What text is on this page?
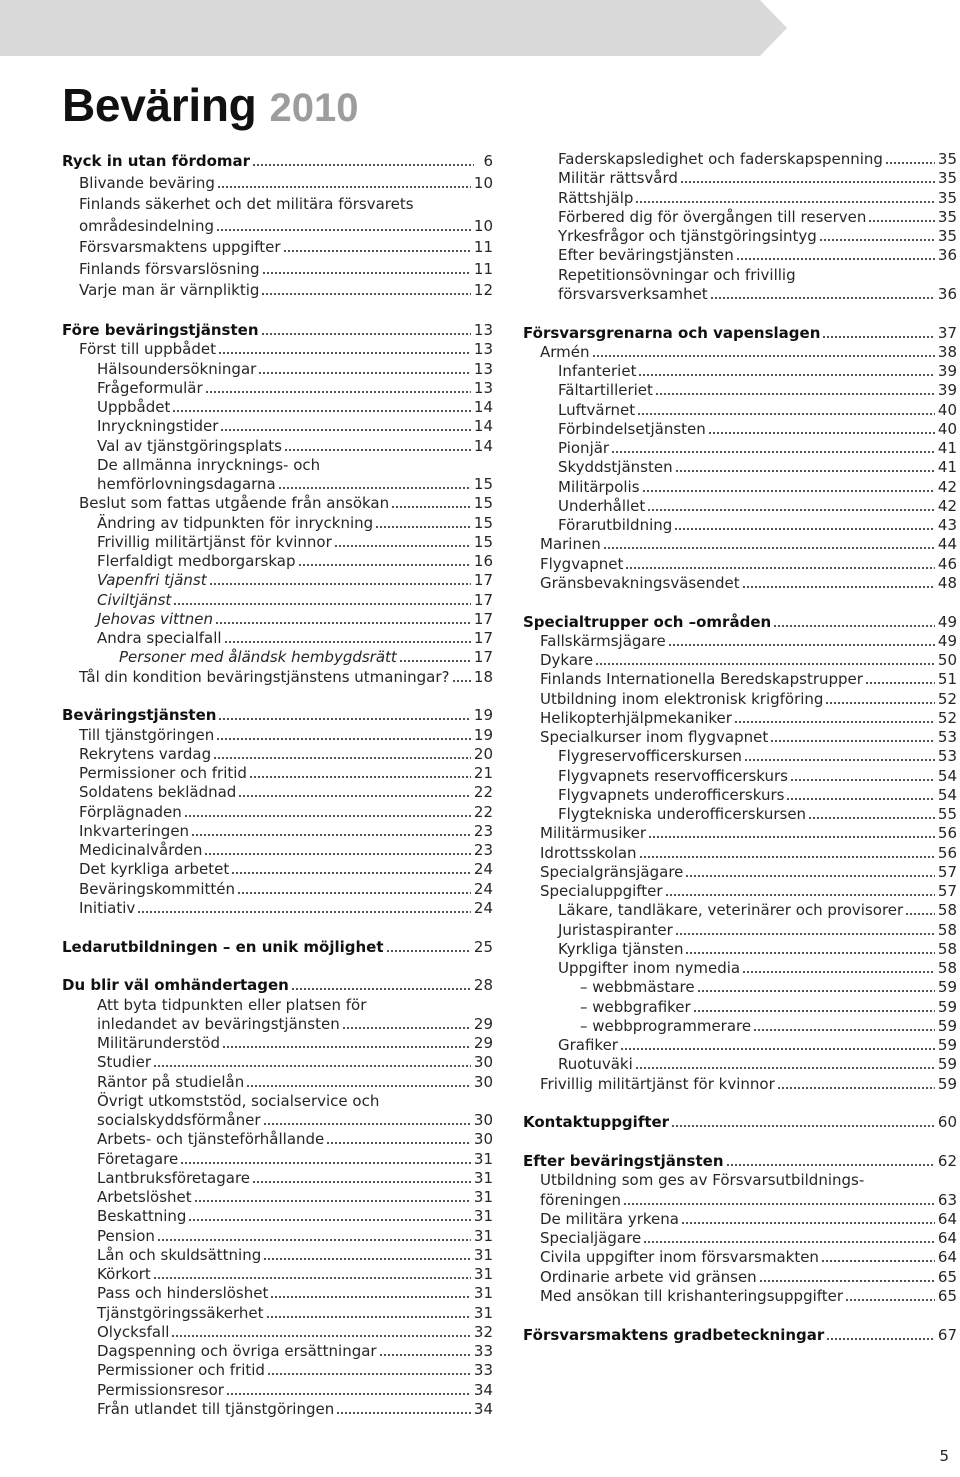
Beväring 2010
Ryck in utan fördomar	6
Blivande beväring	10
Finlands säkerhet och det militära försvarets
områdesindelning	10
Försvarsmaktens uppgifter	11
Finlands försvarslösning	11
Varje man är värnpliktig	12
Före beväringstjänsten	13
Först till uppbådet	13
Hälsoundersökningar	13
Frågeformulär	13
Uppbådet	14
Inryckningstider	14
Val av tjänstgöringsplats	14
De allmänna inrycknings- och
hemförlovningsdagarna	15
Beslut som fattas utgående från ansökan	15
Ändring av tidpunkten för inryckning	15
Frivillig militärtjänst för kvinnor	15
Flerfaldigt medborgarskap	16
Vapenfri tjänst	17
Civiltjänst	17
Jehovas vittnen	17
Andra specialfall	17
Personer med åländsk hembygdsrätt	17
Tål din kondition beväringstjänstens utmaningar? 18
Beväringstjänsten	19
Till tjänstgöringen	19
Rekrytens vardag	20
Permissioner och fritid	21
Soldatens beklädnad	22
Förplägnaden	22
Inkvarteringen	23
Medicinalvården	23
Det kyrkliga arbetet	24
Beväringskommittén	24
Initiativ	24
Ledarutbildningen – en unik möjlighet	25
Du blir väl omhändertagen	28
Att byta tidpunkten eller platsen för
inledandet av beväringstjänsten	29
Militärunderstöd	29
Studier	30
Räntor på studielån	30
Övrigt utkomststöd, socialservice och
socialskyddsförmåner	30
Arbets- och tjänsteförhållande	30
Företagare	31
Lantbruksföretagare	31
Arbetslöshet	31
Beskattning	31
Pension	31
Lån och skuldsättning	31
Körkort	31
Pass och hinderslöshet	31
Tjänstgöringssäkerhet	31
Olycksfall	32
Dagspenning och övriga ersättningar	33
Permissioner och fritid	33
Permissionsresor	34
Från utlandet till tjänstgöringen	34
Faderskapsledighet och faderskapspenning	35
Militär rättsvård	35
Rättshjälp	35
Förbered dig för övergången till reserven	35
Yrkesfrågor och tjänstgöringsintyg	35
Efter beväringstjänsten	36
Repetitionsövningar och frivillig
försvarsverksamhet	36
Försvarsgrenarna och vapenslagen	37
Armén	38
Infanteriet	39
Fältartilleriet	39
Luftvärnet	40
Förbindelsetjänsten	40
Pionjär	41
Skyddstjänsten	41
Militärpolis	42
Underhållet	42
Förarutbildning	43
Marinen	44
Flygvapnet	46
Gränsbevakningsväsendet	48
Specialtrupper och –områden	49
Fallskärmsjägare	49
Dykare	50
Finlands Internationella Beredskapstrupper	51
Utbildning inom elektronisk krigföring	52
Helikopterhjälpmekaniker	52
Specialkurser inom flygvapnet	53
Flygreservofficerskursen	53
Flygvapnets reservofficerskurs	54
Flygvapnets underofficerskurs	54
Flygtekniska underofficerskursen	55
Militärmusiker	56
Idrottsskolan	56
Specialgränsjägare	57
Specialuppgifter	57
Läkare, tandläkare, veterinärer och provisorer 58
Juristaspiranter	58
Kyrkliga tjänsten	58
Uppgifter inom nymedia	58
– webbmästare	59
– webbgrafiker	59
– webbprogrammerare	59
Grafiker	59
Ruotuväki	59
Frivillig militärtjänst för kvinnor	59
Kontaktuppgifter	60
Efter beväringstjänsten	62
Utbildning som ges av Försvarsutbildnings-
föreningen	63
De militära yrkena	64
Specialjägare	64
Civila uppgifter inom försvarsmakten	64
Ordinarie arbete vid gränsen	65
Med ansökan till krishanteringsuppgifter	65
Försvarsmaktens gradbeteckningar	67
5
